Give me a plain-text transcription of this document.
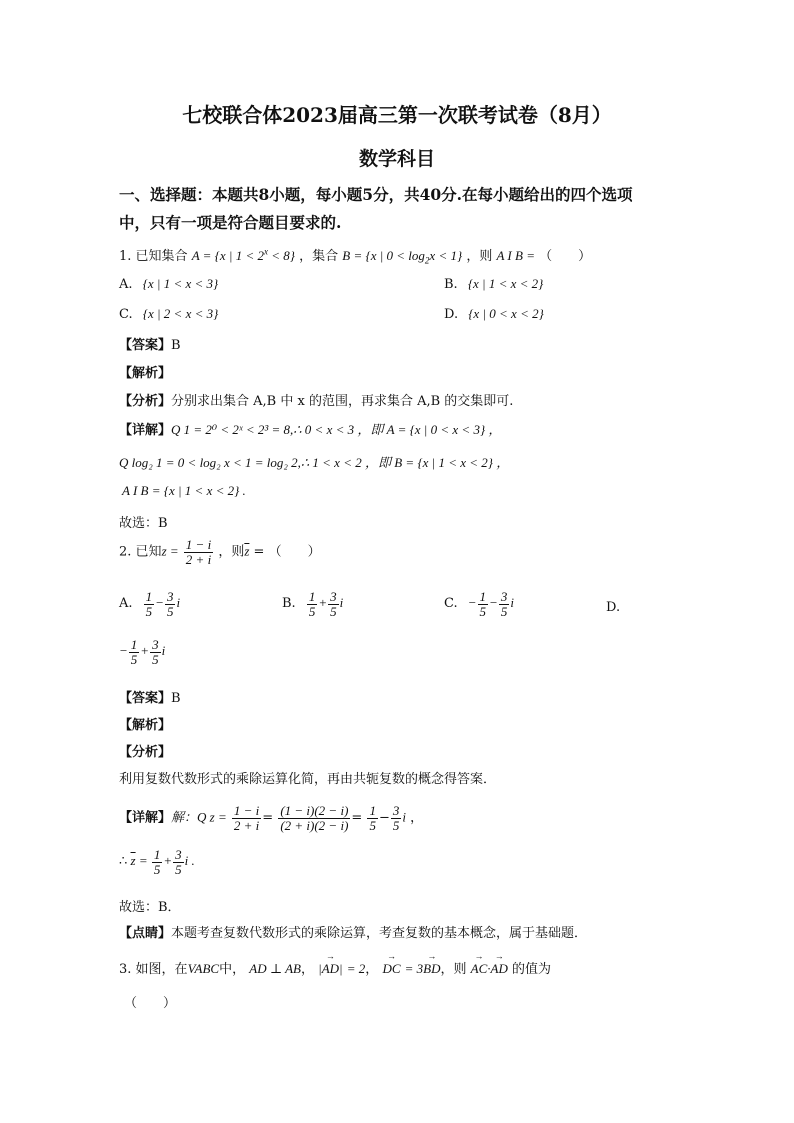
七校联合体2023届高三第一次联考试卷（8月）
数学科目
一、选择题：本题共8小题，每小题5分，共40分.在每小题给出的四个选项
中，只有一项是符合题目要求的.
1. 已知集合 A = {x | $1 < 2^x < 8$} ，集合 B = {x | $0 < \log_2x < 1$} ，则 A I B = （　　）
A. {x | 1 < x < 3}	B. {x | 1 < x < 2}
C. {x | 2 < x < 3}	D. {x | 0 < x < 2}
【答案】B
【解析】
【分析】分别求出集合 A,B 中 x 的范围，再求集合 A,B 的交集即可.
【详解】Q 1 = 2⁰ < 2ˣ < 2³ = 8,∴ 0 < x < 3 ，即 A = {x | 0 < x < 3} ，
Q log₂ 1 = 0 < log₂ x < 1 = log₂ 2,∴ 1 < x < 2 ，即 B = {x | 1 < x < 2} ，
A I B = {x | 1 < x < 2} .
故选：B
2. 已知$z = \frac{1 - i}{2 + i}$ ，则$\overline{z}$ = （　　）
A. $\frac{1}{5} - \frac{3}{5}$ i	B. $\frac{1}{5} + \frac{3}{5}$ i	C. − $\frac{1}{5} - \frac{3}{5}$ i	D.
− $\frac{1}{5} + \frac{3}{5}$ i
【答案】B
【解析】
【分析】
利用复数代数形式的乘除运算化简，再由共轭复数的概念得答案．
【详解】解：Q $z = \frac{1 - i}{2 + i} = \frac{(1 - i)(2 - i)}{(2 + i)(2 - i)} = \frac{1}{5} - \frac{3}{5}$ i ，
∴ $\overline{z} = \frac{1}{5} + \frac{3}{5}$ i .
故选：B．
【点睛】本题考查复数代数形式的乘除运算，考查复数的基本概念，属于基础题．
3. 如图，在VABC中， AD ⊥ AB， |→ AD| = 2， → DC = 3→ BD，则 → AC·→ AD 的值为
（　　）
